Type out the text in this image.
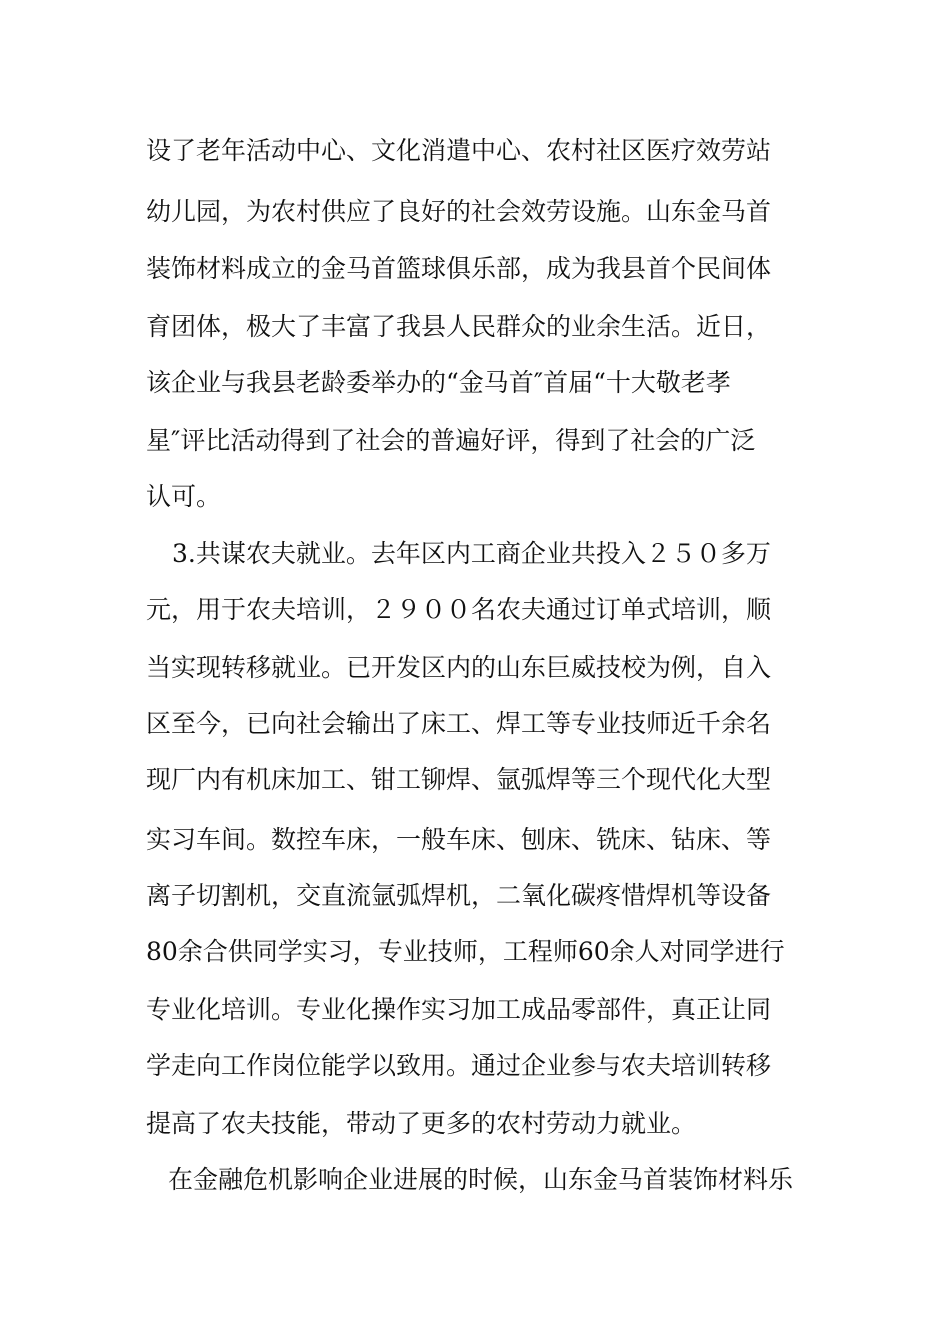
设了老年活动中心、文化消遣中心、农村社区医疗效劳站
幼儿园，为农村供应了良好的社会效劳设施。山东金马首
装饰材料成立的金马首篮球俱乐部，成为我县首个民间体
育团体，极大了丰富了我县人民群众的业余生活。近日，
该企业与我县老龄委举办的“金马首″首届“十大敬老孝
星″评比活动得到了社会的普遍好评，得到了社会的广泛
认可。
3.共谋农夫就业。去年区内工商企业共投入２５０多万
元，用于农夫培训，２９００名农夫通过订单式培训，顺
当实现转移就业。已开发区内的山东巨威技校为例，自入
区至今，已向社会输出了床工、焊工等专业技师近千余名
现厂内有机床加工、钳工铆焊、氩弧焊等三个现代化大型
实习车间。数控车床，一般车床、刨床、铣床、钻床、等
离子切割机，交直流氩弧焊机，二氧化碳疼惜焊机等设备
80余合供同学实习，专业技师，工程师60余人对同学进行
专业化培训。专业化操作实习加工成品零部件，真正让同
学走向工作岗位能学以致用。通过企业参与农夫培训转移
提高了农夫技能，带动了更多的农村劳动力就业。
在金融危机影响企业进展的时候，山东金马首装饰材料乐
